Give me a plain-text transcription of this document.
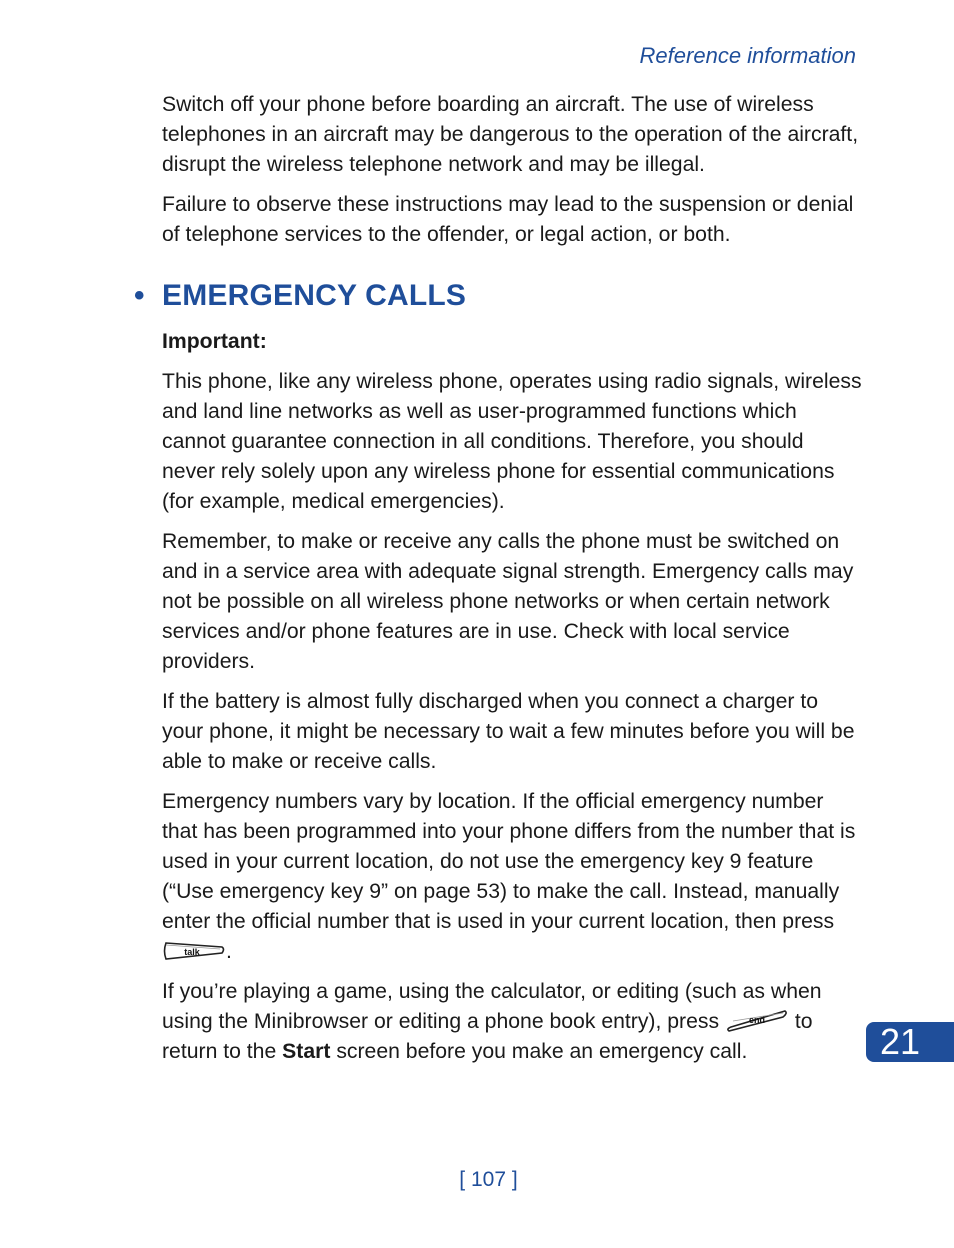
Reference information

Switch off your phone before boarding an aircraft. The use of wireless telephones in an aircraft may be dangerous to the operation of the aircraft, disrupt the wireless telephone network and may be illegal.

Failure to observe these instructions may lead to the suspension or denial of telephone services to the offender, or legal action, or both.

• EMERGENCY CALLS

Important:

This phone, like any wireless phone, operates using radio signals, wireless and land line networks as well as user-programmed functions which cannot guarantee connection in all conditions. Therefore, you should never rely solely upon any wireless phone for essential communications (for example, medical emergencies).

Remember, to make or receive any calls the phone must be switched on and in a service area with adequate signal strength. Emergency calls may not be possible on all wireless phone networks or when certain network services and/or phone features are in use. Check with local service providers.

If the battery is almost fully discharged when you connect a charger to your phone, it might be necessary to wait a few minutes before you will be able to make or receive calls.

Emergency numbers vary by location. If the official emergency number that has been programmed into your phone differs from the number that is used in your current location, do not use the emergency key 9 feature (“Use emergency key 9” on page 53) to make the call. Instead, manually enter the official number that is used in your current location, then press

talk .

If you’re playing a game, using the calculator, or editing (such as when using the Minibrowser or editing a phone book entry), press	end to return to the Start screen before you make an emergency call.	21
[ 107 ]
